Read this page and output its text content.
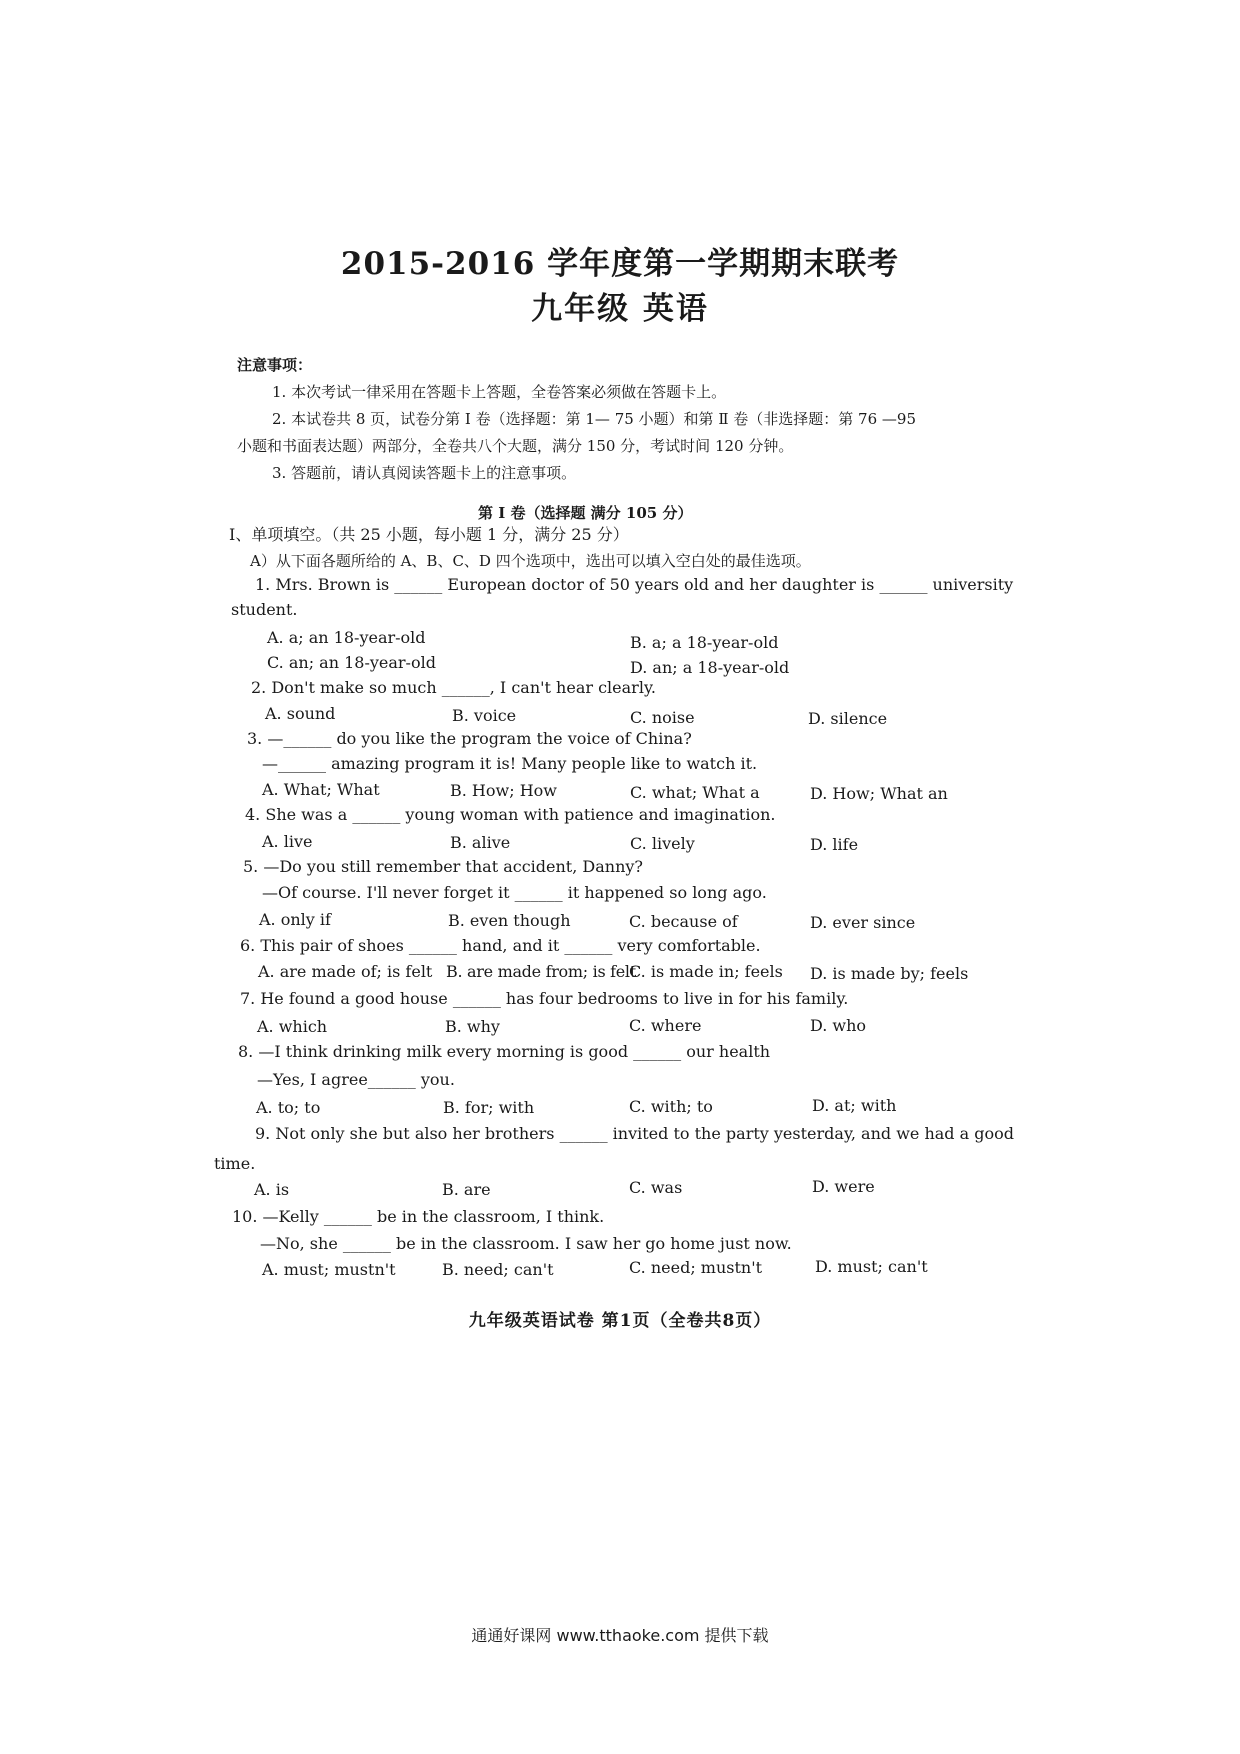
2015-2016 学年度第一学期期末联考
九年级 英语
注意事项：
1. 本次考试一律采用在答题卡上答题，全卷答案必须做在答题卡上。
2. 本试卷共 8 页，试卷分第 Ⅰ 卷（选择题：第 1— 75 小题）和第 Ⅱ 卷（非选择题：第 76 —95
小题和书面表达题）两部分，全卷共八个大题，满分 150 分，考试时间 120 分钟。
3. 答题前，请认真阅读答题卡上的注意事项。
第 Ⅰ 卷（选择题 满分 105 分）
Ⅰ、单项填空。（共 25 小题，每小题 1 分，满分 25 分）
A）从下面各题所给的 A、B、C、D 四个选项中，选出可以填入空白处的最佳选项。
1. Mrs. Brown is ______ European doctor of 50 years old and her daughter is ______ university
student.
A. a; an 18-year-old	B. a; a 18-year-old
C. an; an 18-year-old	D. an; a 18-year-old
2. Don't make so much ______, I can't hear clearly.
A. sound	B. voice	C. noise	D. silence
3. —______ do you like the program the voice of China?
—______ amazing program it is! Many people like to watch it.
A. What; What	B. How; How	C. what; What a	D. How; What an
4. She was a ______ young woman with patience and imagination.
A. live	B. alive	C. lively	D. life
5. —Do you still remember that accident, Danny?
—Of course. I'll never forget it ______ it happened so long ago.
A. only if	B. even though	C. because of	D. ever since
6. This pair of shoes ______ hand, and it ______ very comfortable.
A. are made of; is felt B. are made from; is felt
C. is made in; feels D. is made by; feels
7. He found a good house ______ has four bedrooms to live in for his family.
A. which	B. why	C. where	D. who
8. —I think drinking milk every morning is good ______ our health
—Yes, I agree______ you.
A. to; to	B. for; with	C. with; to	D. at; with
9. Not only she but also her brothers ______ invited to the party yesterday, and we had a good
time.
A. is	B. are	C. was	D. were
10. —Kelly ______ be in the classroom, I think.
—No, she ______ be in the classroom. I saw her go home just now.
A. must; mustn't	B. need; can't	C. need; mustn't	D. must; can't
九年级英语试卷 第1页（全卷共8页）
通通好课网 www.tthaoke.com 提供下载
